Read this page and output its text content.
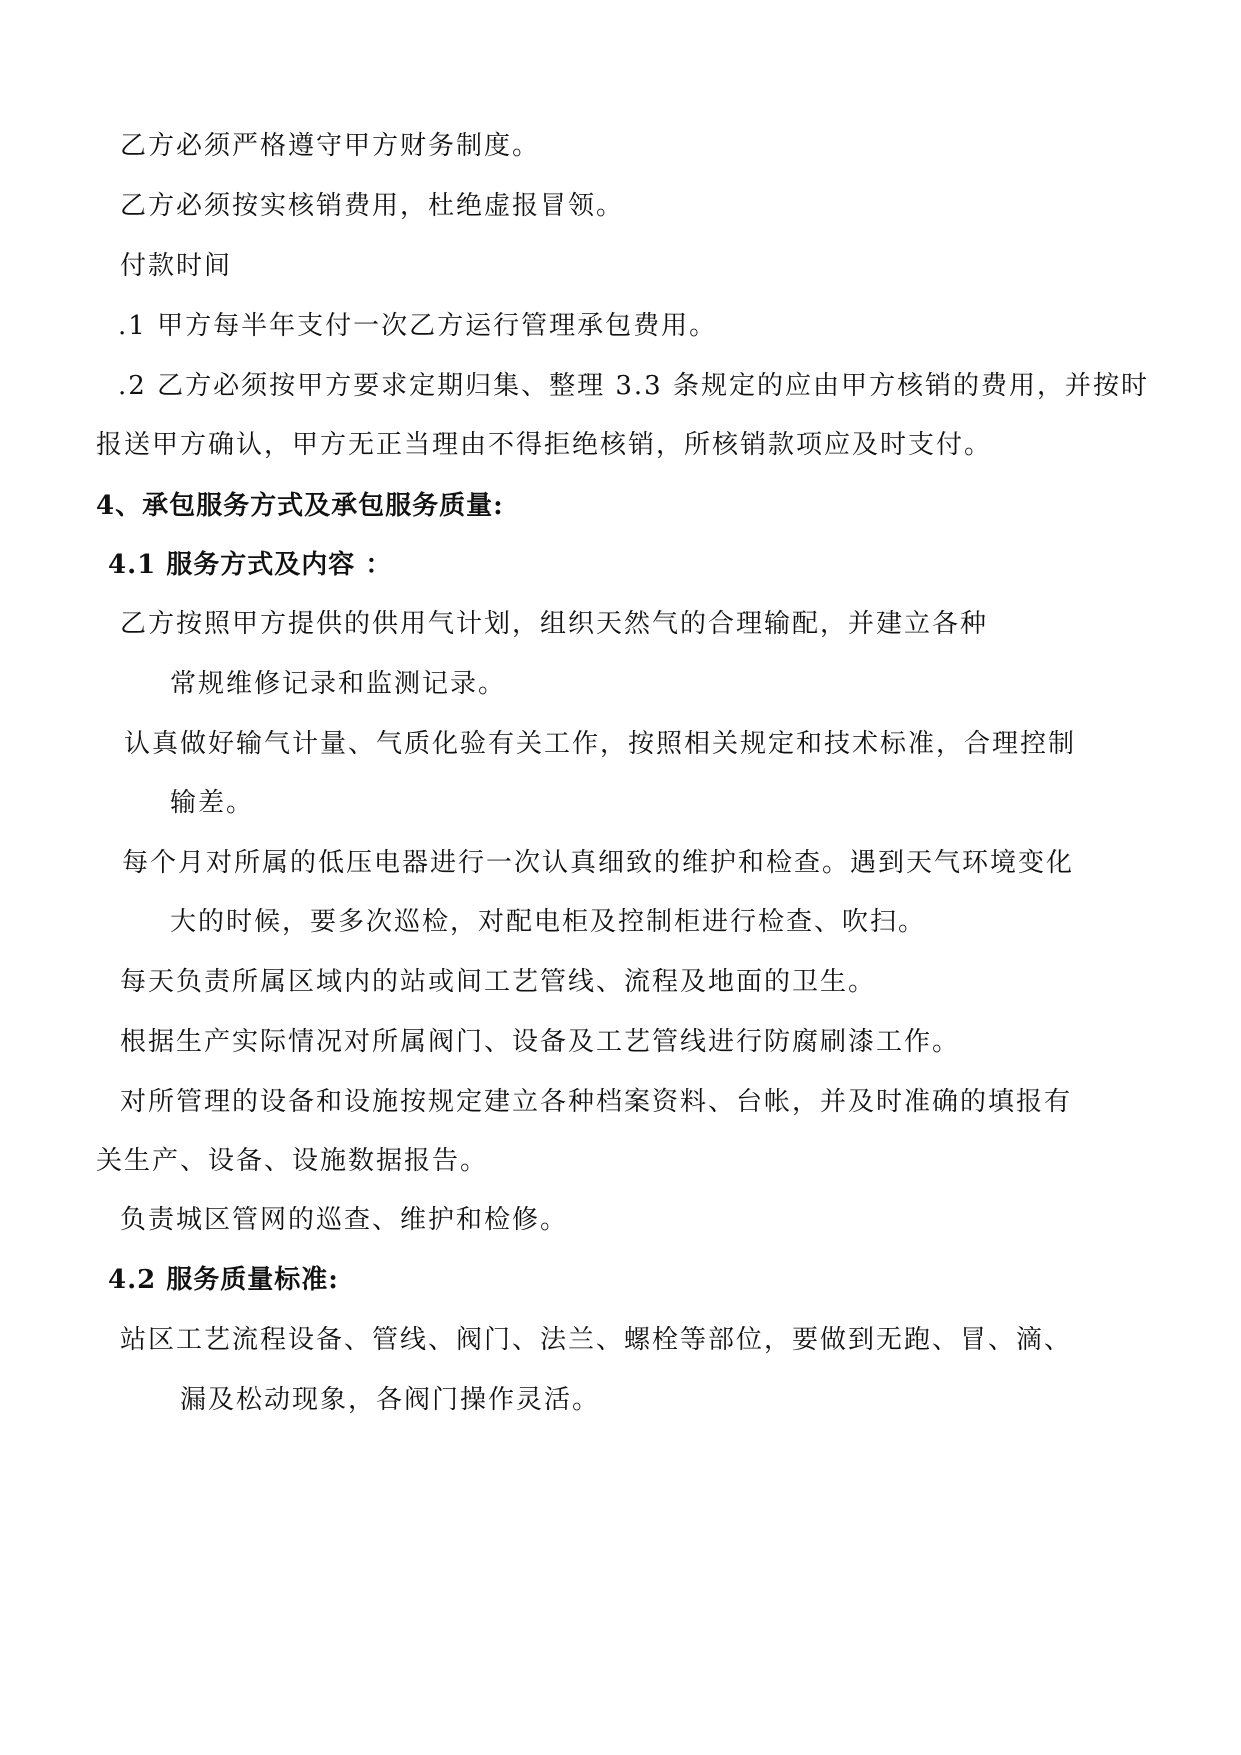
乙方必须严格遵守甲方财务制度。
乙方必须按实核销费用，杜绝虚报冒领。
付款时间
.1 甲方每半年支付一次乙方运行管理承包费用。
.2 乙方必须按甲方要求定期归集、整理 3.3 条规定的应由甲方核销的费用，并按时
报送甲方确认，甲方无正当理由不得拒绝核销，所核销款项应及时支付。
4、承包服务方式及承包服务质量:
4.1 服务方式及内容 ：
乙方按照甲方提供的供用气计划，组织天然气的合理输配，并建立各种
常规维修记录和监测记录。
认真做好输气计量、气质化验有关工作，按照相关规定和技术标准，合理控制
输差。
每个月对所属的低压电器进行一次认真细致的维护和检查。遇到天气环境变化
大的时候，要多次巡检，对配电柜及控制柜进行检查、吹扫。
每天负责所属区域内的站或间工艺管线、流程及地面的卫生。
根据生产实际情况对所属阀门、设备及工艺管线进行防腐刷漆工作。
对所管理的设备和设施按规定建立各种档案资料、台帐，并及时准确的填报有
关生产、设备、设施数据报告。
负责城区管网的巡查、维护和检修。
4.2 服务质量标准:
站区工艺流程设备、管线、阀门、法兰、螺栓等部位，要做到无跑、冒、滴、
漏及松动现象，各阀门操作灵活。
